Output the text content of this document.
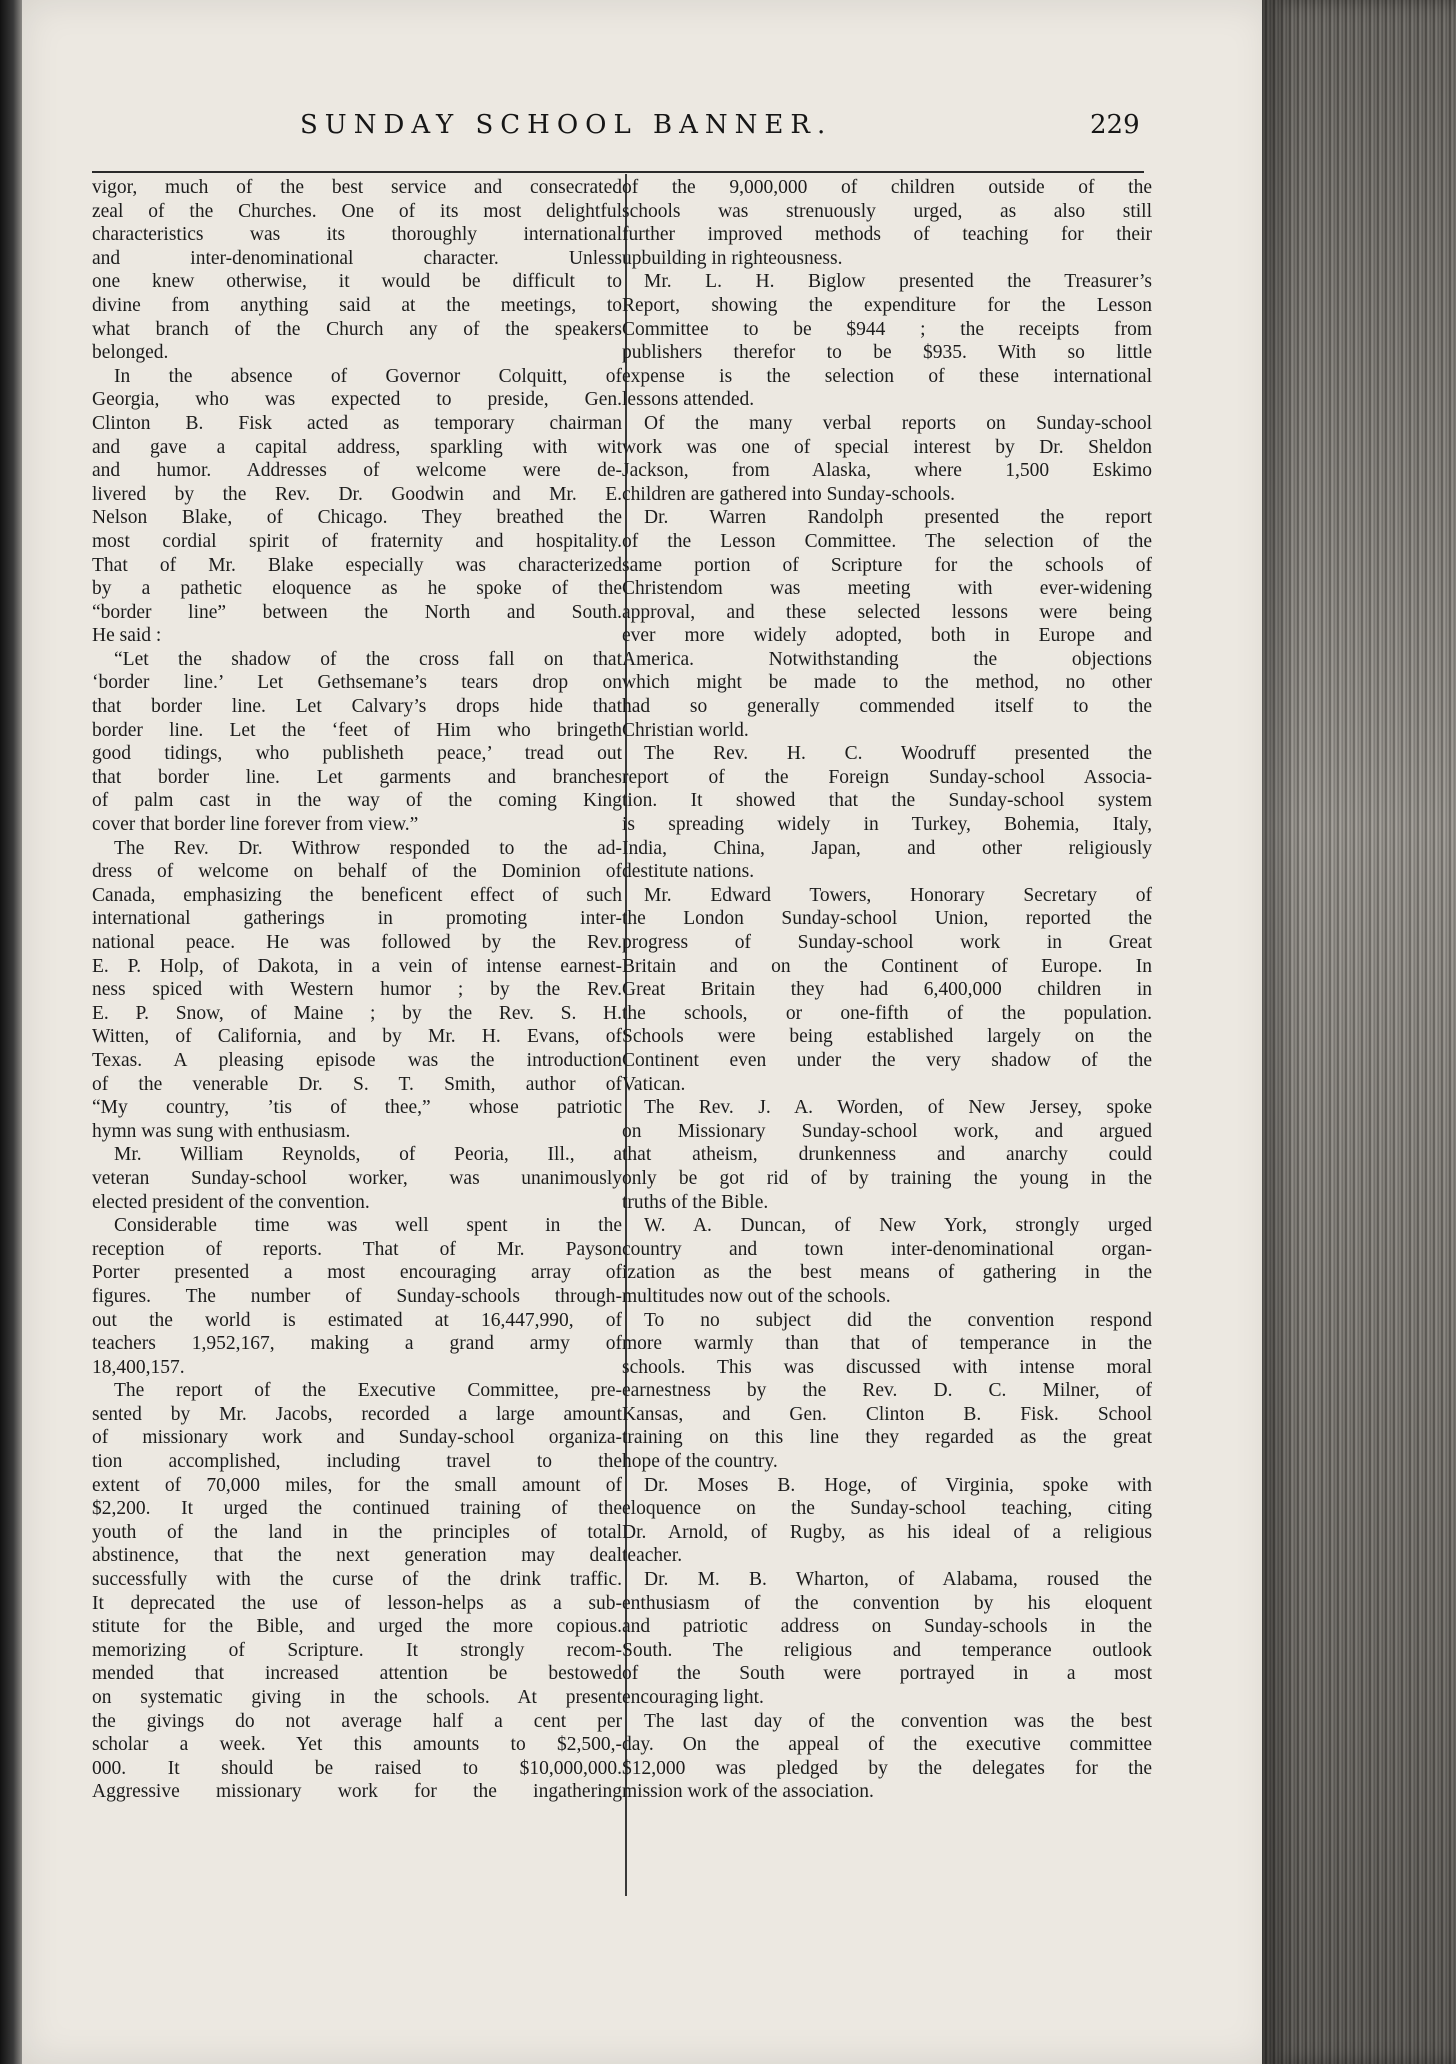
SUNDAY SCHOOL BANNER.	229
vigor, much of the best service and consecrated
zeal of the Churches. One of its most delightful
characteristics was its thoroughly international
and inter-denominational character. Unless
one knew otherwise, it would be difficult to
divine from anything said at the meetings, to
what branch of the Church any of the speakers
belonged.
In the absence of Governor Colquitt, of
Georgia, who was expected to preside, Gen.
Clinton B. Fisk acted as temporary chairman
and gave a capital address, sparkling with wit
and humor. Addresses of welcome were de-
livered by the Rev. Dr. Goodwin and Mr. E.
Nelson Blake, of Chicago. They breathed the
most cordial spirit of fraternity and hospitality.
That of Mr. Blake especially was characterized
by a pathetic eloquence as he spoke of the
“border line” between the North and South.
He said :
“Let the shadow of the cross fall on that
‘border line.’ Let Gethsemane’s tears drop on
that border line. Let Calvary’s drops hide that
border line. Let the ‘feet of Him who bringeth
good tidings, who publisheth peace,’ tread out
that border line. Let garments and branches
of palm cast in the way of the coming King
cover that border line forever from view.”
The Rev. Dr. Withrow responded to the ad-
dress of welcome on behalf of the Dominion of
Canada, emphasizing the beneficent effect of such
international gatherings in promoting inter-
national peace. He was followed by the Rev.
E. P. Holp, of Dakota, in a vein of intense earnest-
ness spiced with Western humor ; by the Rev.
E. P. Snow, of Maine ; by the Rev. S. H.
Witten, of California, and by Mr. H. Evans, of
Texas. A pleasing episode was the introduction
of the venerable Dr. S. T. Smith, author of
“My country, ’tis of thee,” whose patriotic
hymn was sung with enthusiasm.
Mr. William Reynolds, of Peoria, Ill., a
veteran Sunday-school worker, was unanimously
elected president of the convention.
Considerable time was well spent in the
reception of reports. That of Mr. Payson
Porter presented a most encouraging array of
figures. The number of Sunday-schools through-
out the world is estimated at 16,447,990, of
teachers 1,952,167, making a grand army of
18,400,157.
The report of the Executive Committee, pre-
sented by Mr. Jacobs, recorded a large amount
of missionary work and Sunday-school organiza-
tion accomplished, including travel to the
extent of 70,000 miles, for the small amount of
$2,200. It urged the continued training of the
youth of the land in the principles of total
abstinence, that the next generation may deal
successfully with the curse of the drink traffic.
It deprecated the use of lesson-helps as a sub-
stitute for the Bible, and urged the more copious.
memorizing of Scripture. It strongly recom-
mended that increased attention be bestowed
on systematic giving in the schools. At present
the givings do not average half a cent per
scholar a week. Yet this amounts to $2,500,-
000. It should be raised to $10,000,000.
Aggressive missionary work for the ingathering
of the 9,000,000 of children outside of the
schools was strenuously urged, as also still
further improved methods of teaching for their
upbuilding in righteousness.
Mr. L. H. Biglow presented the Treasurer’s
Report, showing the expenditure for the Lesson
Committee to be $944 ; the receipts from
publishers therefor to be $935. With so little
expense is the selection of these international
lessons attended.
Of the many verbal reports on Sunday-school
work was one of special interest by Dr. Sheldon
Jackson, from Alaska, where 1,500 Eskimo
children are gathered into Sunday-schools.
Dr. Warren Randolph presented the report
of the Lesson Committee. The selection of the
same portion of Scripture for the schools of
Christendom was meeting with ever-widening
approval, and these selected lessons were being
ever more widely adopted, both in Europe and
America. Notwithstanding the objections
which might be made to the method, no other
had so generally commended itself to the
Christian world.
The Rev. H. C. Woodruff presented the
report of the Foreign Sunday-school Associa-
tion. It showed that the Sunday-school system
is spreading widely in Turkey, Bohemia, Italy,
India, China, Japan, and other religiously
destitute nations.
Mr. Edward Towers, Honorary Secretary of
the London Sunday-school Union, reported the
progress of Sunday-school work in Great
Britain and on the Continent of Europe. In
Great Britain they had 6,400,000 children in
the schools, or one-fifth of the population.
Schools were being established largely on the
Continent even under the very shadow of the
Vatican.
The Rev. J. A. Worden, of New Jersey, spoke
on Missionary Sunday-school work, and argued
that atheism, drunkenness and anarchy could
only be got rid of by training the young in the
truths of the Bible.
W. A. Duncan, of New York, strongly urged
country and town inter-denominational organ-
ization as the best means of gathering in the
multitudes now out of the schools.
To no subject did the convention respond
more warmly than that of temperance in the
schools. This was discussed with intense moral
earnestness by the Rev. D. C. Milner, of
Kansas, and Gen. Clinton B. Fisk. School
training on this line they regarded as the great
hope of the country.
Dr. Moses B. Hoge, of Virginia, spoke with
eloquence on the Sunday-school teaching, citing
Dr. Arnold, of Rugby, as his ideal of a religious
teacher.
Dr. M. B. Wharton, of Alabama, roused the
enthusiasm of the convention by his eloquent
and patriotic address on Sunday-schools in the
South. The religious and temperance outlook
of the South were portrayed in a most
encouraging light.
The last day of the convention was the best
day. On the appeal of the executive committee
$12,000 was pledged by the delegates for the
mission work of the association.
